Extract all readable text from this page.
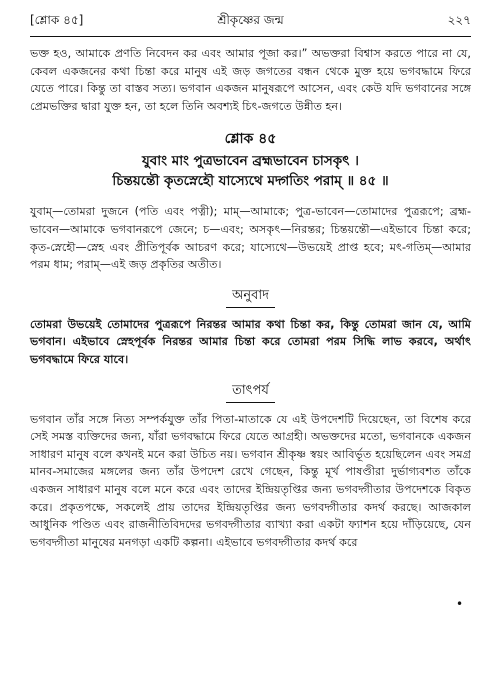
[শ্লোক ৪৫]	শ্রীকৃষ্ণের জন্ম	২২৭

ভক্ত হও, আমাকে প্রণতি নিবেদন কর এবং আমার পূজা কর।” অভক্তরা বিশ্বাস করতে পারে না যে, কেবল একজনের কথা চিন্তা করে মানুষ এই জড় জগতের বন্ধন থেকে মুক্ত হয়ে ভগবদ্ধামে ফিরে যেতে পারে। কিন্তু তা বাস্তব সত্য। ভগবান একজন মানুষরূপে আসেন, এবং কেউ যদি ভগবানের সঙ্গে প্রেমভক্তির দ্বারা যুক্ত হন, তা হলে তিনি অবশ্যই চিৎ-জগতে উন্নীত হন।

শ্লোক ৪৫
যুবাং মাং পুত্রভাবেন ব্রহ্মভাবেন চাসকৃৎ ।
চিন্তয়ন্তৌ কৃতস্নেহৌ যাস্যেথে মদ্গতিং পরাম্ ॥ ৪৫ ॥

যুবাম্—তোমরা দুজনে (পতি এবং পত্নী); মাম্—আমাকে; পুত্র-ভাবেন—তোমাদের পুত্ররূপে; ব্রহ্ম-ভাবেন—আমাকে ভগবানরূপে জেনে; চ—এবং; অসকৃৎ—নিরন্তর; চিন্তয়ন্তৌ—এইভাবে চিন্তা করে; কৃত-স্নেহৌ—স্নেহ এবং প্রীতিপূর্বক আচরণ করে; যাস্যেথে—উভয়েই প্রাপ্ত হবে; মৎ-গতিম্—আমার পরম ধাম; পরাম্—এই জড় প্রকৃতির অতীত।

অনুবাদ

তোমরা উভয়েই তোমাদের পুত্ররূপে নিরন্তর আমার কথা চিন্তা কর, কিন্তু তোমরা জান যে, আমি ভগবান। এইভাবে স্নেহপূর্বক নিরন্তর আমার চিন্তা করে তোমরা পরম সিদ্ধি লাভ করবে, অর্থাৎ ভগবদ্ধামে ফিরে যাবে।

তাৎপর্য

ভগবান তাঁর সঙ্গে নিত্য সম্পর্কযুক্ত তাঁর পিতা-মাতাকে যে এই উপদেশটি দিয়েছেন, তা বিশেষ করে সেই সমস্ত ব্যক্তিদের জন্য, যাঁরা ভগবদ্ধামে ফিরে যেতে আগ্রহী। অভক্তদের মতো, ভগবানকে একজন সাধারণ মানুষ বলে কখনই মনে করা উচিত নয়। ভগবান শ্রীকৃষ্ণ স্বয়ং আবির্ভূত হয়েছিলেন এবং সমগ্র মানব-সমাজের মঙ্গলের জন্য তাঁর উপদেশ রেখে গেছেন, কিন্তু মূর্খ পাষণ্ডীরা দুর্ভাগ্যবশত তাঁকে একজন সাধারণ মানুষ বলে মনে করে এবং তাদের ইন্দ্রিয়তৃপ্তির জন্য ভগবদ্গীতার উপদেশকে বিকৃত করে। প্রকৃতপক্ষে, সকলেই প্রায় তাদের ইন্দ্রিয়তৃপ্তির জন্য ভগবদ্গীতার কদর্থ করছে। আজকাল আধুনিক পণ্ডিত এবং রাজনীতিবিদদের ভগবদ্গীতার ব্যাখ্যা করা একটা ফ্যাশন হয়ে দাঁড়িয়েছে, যেন ভগবদ্গীতা মানুষের মনগড়া একটি কল্পনা। এইভাবে ভগবদ্গীতার কদর্থ করে

•
